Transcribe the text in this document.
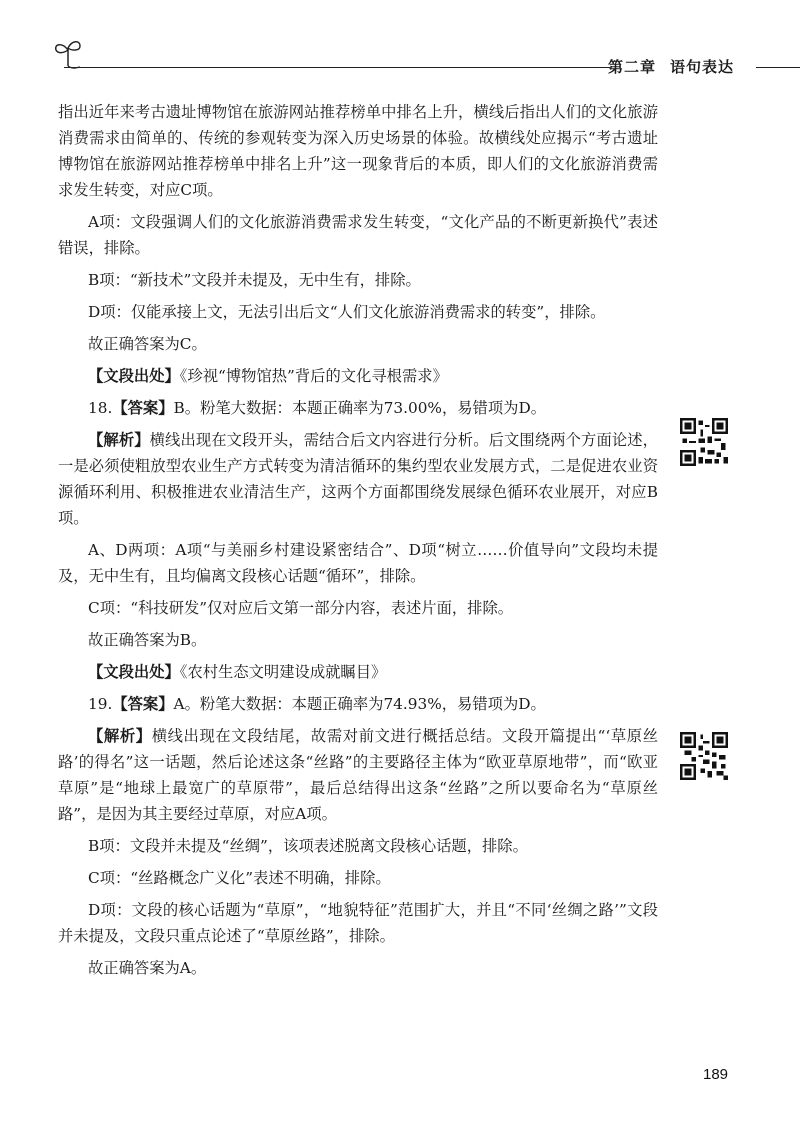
第二章 语句表达

指出近年来考古遗址博物馆在旅游网站推荐榜单中排名上升，横线后指出人们的文化旅游消费需求由简单的、传统的参观转变为深入历史场景的体验。故横线处应揭示“考古遗址博物馆在旅游网站推荐榜单中排名上升”这一现象背后的本质，即人们的文化旅游消费需求发生转变，对应C项。

A项：文段强调人们的文化旅游消费需求发生转变，“文化产品的不断更新换代”表述错误，排除。

B项：“新技术”文段并未提及，无中生有，排除。

D项：仅能承接上文，无法引出后文“人们文化旅游消费需求的转变”，排除。

故正确答案为C。

【文段出处】《珍视“博物馆热”背后的文化寻根需求》

18.【答案】B。粉笔大数据：本题正确率为73.00%，易错项为D。

【解析】横线出现在文段开头，需结合后文内容进行分析。后文围绕两个方面论述，一是必须使粗放型农业生产方式转变为清洁循环的集约型农业发展方式，二是促进农业资源循环利用、积极推进农业清洁生产，这两个方面都围绕发展绿色循环农业展开，对应B项。

A、D两项：A项“与美丽乡村建设紧密结合”、D项“树立……价值导向”文段均未提及，无中生有，且均偏离文段核心话题“循环”，排除。

C项：“科技研发”仅对应后文第一部分内容，表述片面，排除。

故正确答案为B。

【文段出处】《农村生态文明建设成就瞩目》

19.【答案】A。粉笔大数据：本题正确率为74.93%，易错项为D。

【解析】横线出现在文段结尾，故需对前文进行概括总结。文段开篇提出“‘草原丝路’的得名”这一话题，然后论述这条“丝路”的主要路径主体为“欧亚草原地带”，而“欧亚草原”是“地球上最宽广的草原带”，最后总结得出这条“丝路”之所以要命名为“草原丝路”，是因为其主要经过草原，对应A项。

B项：文段并未提及“丝绸”，该项表述脱离文段核心话题，排除。

C项：“丝路概念广义化”表述不明确，排除。

D项：文段的核心话题为“草原”，“地貌特征”范围扩大，并且“不同‘丝绸之路’”文段并未提及，文段只重点论述了“草原丝路”，排除。

故正确答案为A。

189
